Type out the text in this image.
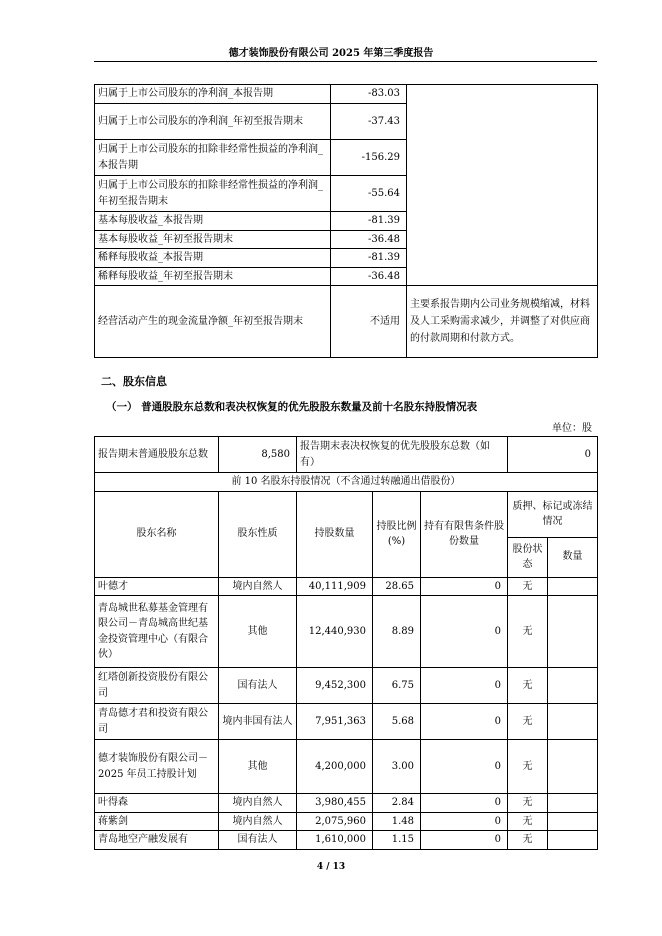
德才装饰股份有限公司 2025 年第三季度报告
归属于上市公司股东的净利润_本报告期	-83.03	
归属于上市公司股东的净利润_年初至报告期末	-37.43	
归属于上市公司股东的扣除非经常性损益的净利润_本报告期	-156.29	
归属于上市公司股东的扣除非经常性损益的净利润_年初至报告期末	-55.64	
基本每股收益_本报告期	-81.39	
基本每股收益_年初至报告期末	-36.48	
稀释每股收益_本报告期	-81.39	
稀释每股收益_年初至报告期末	-36.48	
经营活动产生的现金流量净额_年初至报告期末	不适用	主要系报告期内公司业务规模缩减，材料及人工采购需求减少，并调整了对供应商的付款周期和付款方式。
二、股东信息
（一） 普通股股东总数和表决权恢复的优先股股东数量及前十名股东持股情况表
单位：股
报告期末普通股股东总数	8,580	报告期末表决权恢复的优先股股东总数（如有）			0	
前 10 名股东持股情况（不含通过转融通出借股份）						
股东名称	股东性质	持股数量	持股比例(%)	持有有限售条件股份数量	质押、标记或冻结情况	
					股份状态	数量
叶德才	境内自然人	40,111,909	28.65	0	无	
青岛城世私募基金管理有限公司－青岛城高世纪基金投资管理中心（有限合伙）	其他	12,440,930	8.89	0	无	
红塔创新投资股份有限公司	国有法人	9,452,300	6.75	0	无	
青岛德才君和投资有限公司	境内非国有法人	7,951,363	5.68	0	无	
德才装饰股份有限公司－2025 年员工持股计划	其他	4,200,000	3.00	0	无	
叶得森	境内自然人	3,980,455	2.84	0	无	
蒋紫剑	境内自然人	2,075,960	1.48	0	无	
青岛地空产融发展有	国有法人	1,610,000	1.15	0	无	
4 / 13
